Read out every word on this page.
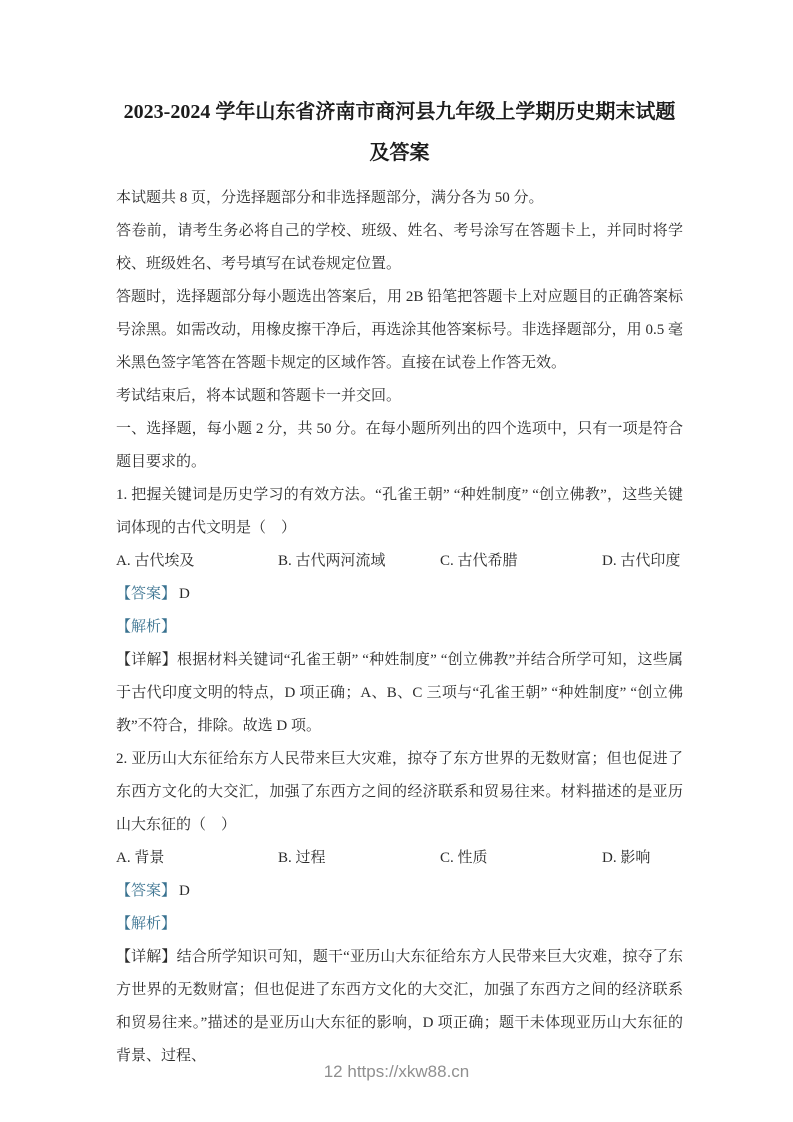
2023-2024 学年山东省济南市商河县九年级上学期历史期末试题及答案

本试题共 8 页，分选择题部分和非选择题部分，满分各为 50 分。

答卷前，请考生务必将自己的学校、班级、姓名、考号涂写在答题卡上，并同时将学校、班级姓名、考号填写在试卷规定位置。

答题时，选择题部分每小题选出答案后，用 2B 铅笔把答题卡上对应题目的正确答案标号涂黑。如需改动，用橡皮擦干净后，再选涂其他答案标号。非选择题部分，用 0.5 毫米黑色签字笔答在答题卡规定的区域作答。直接在试卷上作答无效。

考试结束后，将本试题和答题卡一并交回。

一、选择题，每小题 2 分，共 50 分。在每小题所列出的四个选项中，只有一项是符合题目要求的。

1. 把握关键词是历史学习的有效方法。“孔雀王朝” “种姓制度” “创立佛教”，这些关键词体现的古代文明是（　）

A. 古代埃及	B. 古代两河流域	C. 古代希腊	D. 古代印度

【答案】 D

【解析】

【详解】根据材料关键词“孔雀王朝” “种姓制度” “创立佛教”并结合所学可知，这些属于古代印度文明的特点，D 项正确；A、B、C 三项与“孔雀王朝” “种姓制度” “创立佛教”不符合，排除。故选 D 项。

2. 亚历山大东征给东方人民带来巨大灾难，掠夺了东方世界的无数财富；但也促进了东西方文化的大交汇，加强了东西方之间的经济联系和贸易往来。材料描述的是亚历山大东征的（　）

A. 背景	B. 过程	C. 性质	D. 影响

【答案】 D

【解析】

【详解】结合所学知识可知，题干“亚历山大东征给东方人民带来巨大灾难，掠夺了东方世界的无数财富；但也促进了东西方文化的大交汇，加强了东西方之间的经济联系和贸易往来。”描述的是亚历山大东征的影响，D 项正确；题干未体现亚历山大东征的背景、过程、

12 https://xkw88.cn
